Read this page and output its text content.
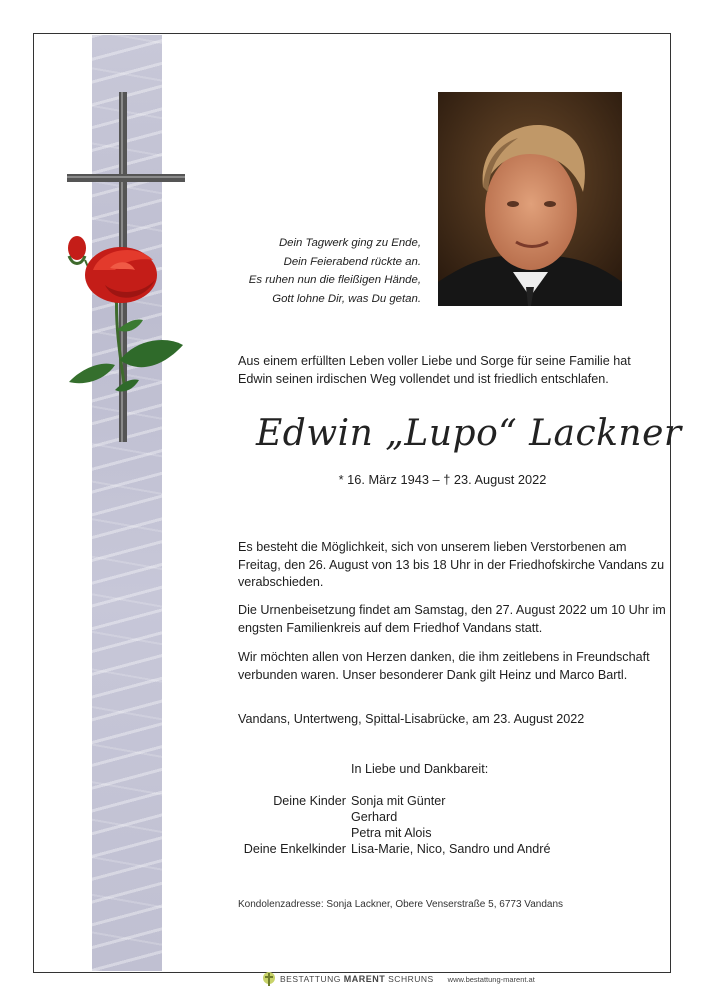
Dein Tagwerk ging zu Ende,
Dein Feierabend rückte an.
Es ruhen nun die fleißigen Hände,
Gott lohne Dir, was Du getan.
Aus einem erfüllten Leben voller Liebe und Sorge für seine Familie hat Edwin seinen irdischen Weg vollendet und ist friedlich entschlafen.
Edwin „Lupo“ Lackner
* 16. März 1943 – † 23. August 2022
Es besteht die Möglichkeit, sich von unserem lieben Verstorbenen am Freitag, den 26. August von 13 bis 18 Uhr in der Friedhofskirche Vandans zu verabschieden.
Die Urnenbeisetzung findet am Samstag, den 27. August 2022 um 10 Uhr im engsten Familienkreis auf dem Friedhof Vandans statt.
Wir möchten allen von Herzen danken, die ihm zeitlebens in Freundschaft verbunden waren. Unser besonderer Dank gilt Heinz und Marco Bartl.
Vandans, Untertweng, Spittal-Lisabrücke, am 23. August 2022
In Liebe und Dankbareit:
Deine Kinder
Deine Enkelkinder
Sonja mit Günter
Gerhard
Petra mit Alois
Lisa-Marie, Nico, Sandro und André
Kondolenzadresse: Sonja Lackner, Obere Venserstraße 5, 6773 Vandans
BESTATTUNG MARENT SCHRUNS www.bestattung-marent.at
